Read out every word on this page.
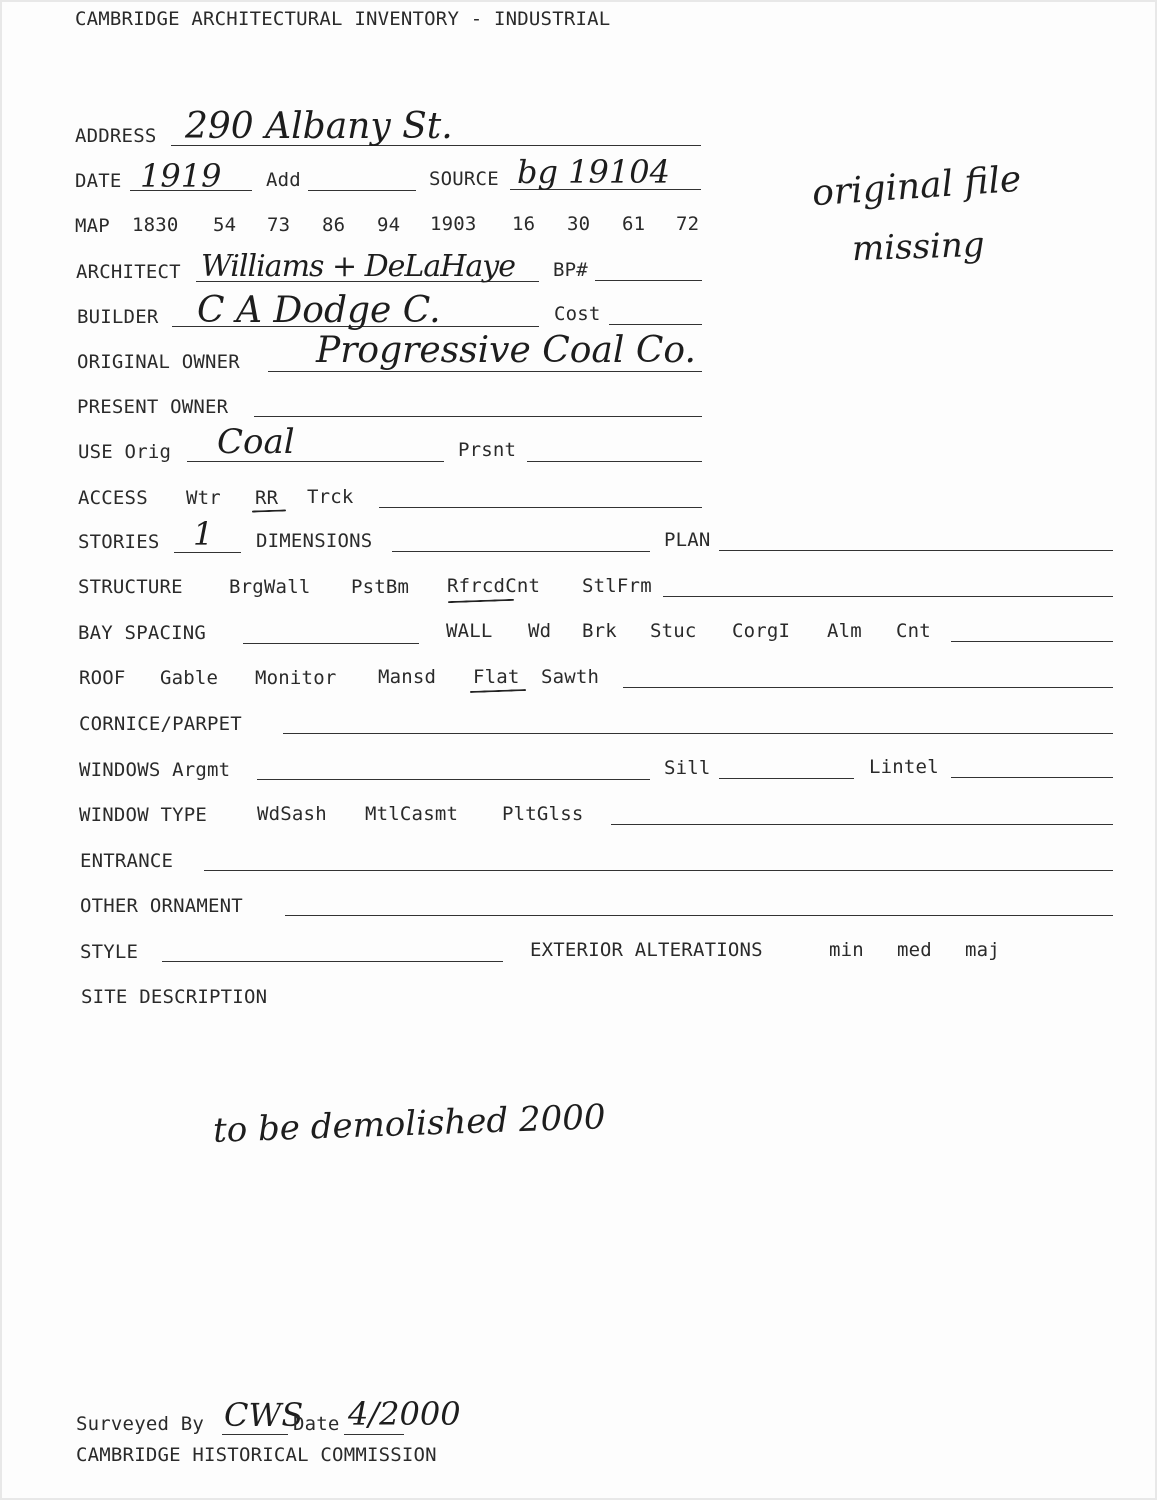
CAMBRIDGE ARCHITECTURAL INVENTORY - INDUSTRIAL
ADDRESS 290 Albany St.
DATE 1919 Add	SOURCE bg 19104	original file
missing
MAP 1830 54 73 86 94 1903 16 30 61 72
ARCHITECT Williams + DeLaHaye BP#
BUILDER C A Dodge C.	Cost
ORIGINAL OWNER Progressive Coal Co.
PRESENT OWNER
USE Orig Coal	Prsnt
ACCESS Wtr RR Trck
STORIES 1 DIMENSIONS	PLAN
STRUCTURE BrgWall PstBm RfrcdCnt StlFrm
BAY SPACING	WALL Wd Brk Stuc CorgI Alm Cnt
ROOF Gable Monitor Mansd Flat Sawth
CORNICE/PARPET
WINDOWS Argmt	Sill	Lintel
WINDOW TYPE	WdSash MtlCasmt PltGlss
ENTRANCE
OTHER ORNAMENT
STYLE	EXTERIOR ALTERATIONS	min med maj
SITE DESCRIPTION
to be demolished 2000
Surveyed By CWS
Date 4/2000
CAMBRIDGE HISTORICAL COMMISSION
